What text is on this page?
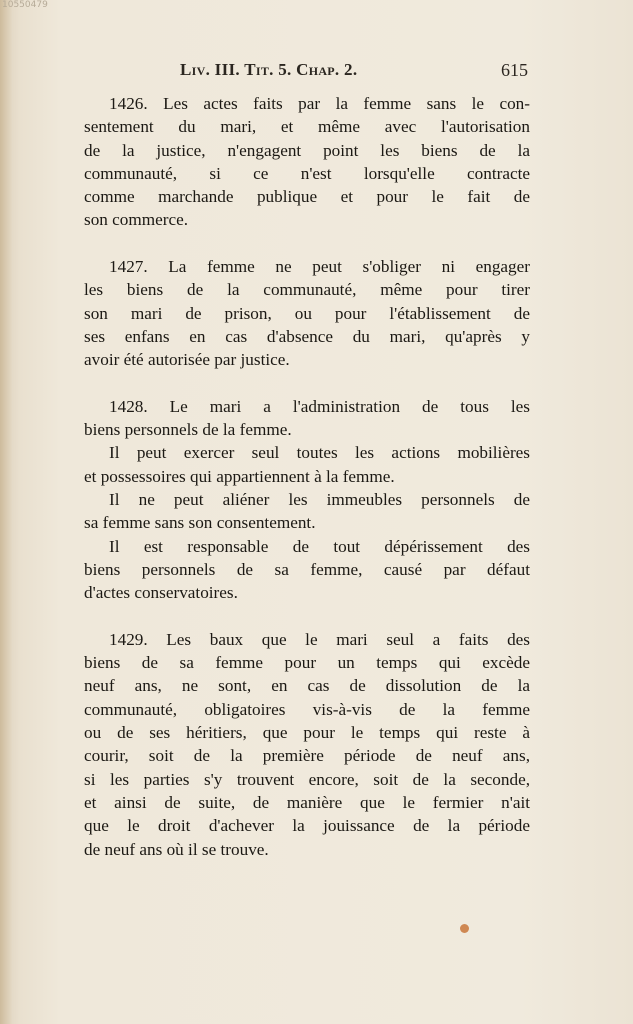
10550479
Liv. III. Tit. 5. Chap. 2.	615

1426. Les actes faits par la femme sans le con-
sentement du mari, et même avec l'autorisation
de la justice, n'engagent point les biens de la
communauté, si ce n'est lorsqu'elle contracte
comme marchande publique et pour le fait de
son commerce.

1427. La femme ne peut s'obliger ni engager
les biens de la communauté, même pour tirer
son mari de prison, ou pour l'établissement de
ses enfans en cas d'absence du mari, qu'après y
avoir été autorisée par justice.

1428. Le mari a l'administration de tous les
biens personnels de la femme.
Il peut exercer seul toutes les actions mobilières
et possessoires qui appartiennent à la femme.
Il ne peut aliéner les immeubles personnels de
sa femme sans son consentement.
Il est responsable de tout dépérissement des
biens personnels de sa femme, causé par défaut
d'actes conservatoires.

1429. Les baux que le mari seul a faits des
biens de sa femme pour un temps qui excède
neuf ans, ne sont, en cas de dissolution de la
communauté, obligatoires vis-à-vis de la femme
ou de ses héritiers, que pour le temps qui reste à
courir, soit de la première période de neuf ans,
si les parties s'y trouvent encore, soit de la seconde,
et ainsi de suite, de manière que le fermier n'ait
que le droit d'achever la jouissance de la période
de neuf ans où il se trouve.
